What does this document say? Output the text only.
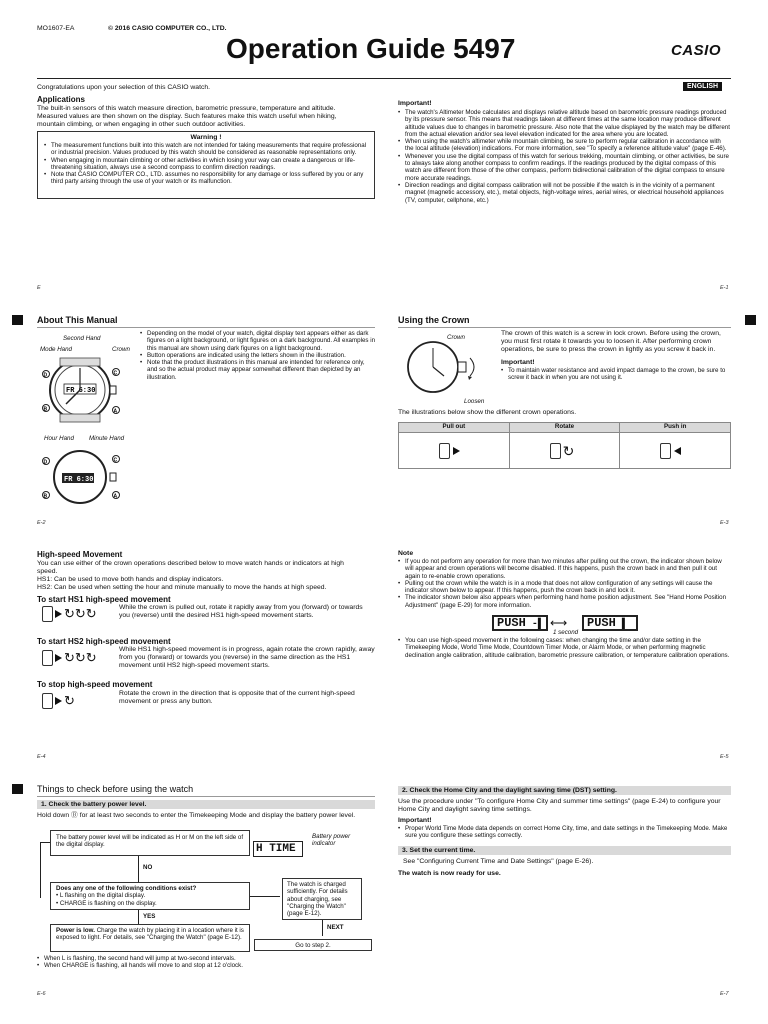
MO1607-EA	© 2016 CASIO COMPUTER CO., LTD.
Operation Guide 5497	CASIO
ENGLISH
Congratulations upon your selection of this CASIO watch.
Applications
The built-in sensors of this watch measure direction, barometric pressure, temperature and altitude. Measured values are then shown on the display. Such features make this watch useful when hiking, mountain climbing, or when engaging in other such outdoor activities.
Warning !
• The measurement functions built into this watch are not intended for taking measurements that require professional or industrial precision. Values produced by this watch should be considered as reasonable representations only.
• When engaging in mountain climbing or other activities in which losing your way can create a dangerous or life-threatening situation, always use a second compass to confirm direction readings.
• Note that CASIO COMPUTER CO., LTD. assumes no responsibility for any damage or loss suffered by you or any third party arising through the use of your watch or its malfunction.
Important!
• The watch's Altimeter Mode calculates and displays relative altitude based on barometric pressure readings produced by its pressure sensor. This means that readings taken at different times at the same location may produce different altitude values due to changes in barometric pressure. Also note that the value displayed by the watch may be different from the actual elevation and/or sea level elevation indicated for the area where you are located.
• When using the watch's altimeter while mountain climbing, be sure to perform regular calibration in accordance with the local altitude (elevation) indications. For more information, see "To specify a reference altitude value" (page E-46).
• Whenever you use the digital compass of this watch for serious trekking, mountain climbing, or other activities, be sure to always take along another compass to confirm readings. If the readings produced by the digital compass of this watch are different from those of the other compass, perform bidirectional calibration of the digital compass to ensure more accurate readings.
• Direction readings and digital compass calibration will not be possible if the watch is in the vicinity of a permanent magnet (magnetic accessory, etc.), metal objects, high-voltage wires, aerial wires, or electrical household appliances (TV, computer, cellphone, etc.)
E	E-1
About This Manual
FR 6:30
D
B
C
A
Second Hand
Mode Hand	Crown
Hour Hand Minute Hand
FR 6:30
D
B
C
A
• Depending on the model of your watch, digital display text appears either as dark figures on a light background, or light figures on a dark background. All examples in this manual are shown using dark figures on a light background.
• Button operations are indicated using the letters shown in the illustration.
• Note that the product illustrations in this manual are intended for reference only, and so the actual product may appear somewhat different than depicted by an illustration.
E-2
Using the Crown
Crown
Loosen
The crown of this watch is a screw in lock crown. Before using the crown, you must first rotate it towards you to loosen it. After performing crown operations, be sure to press the crown in lightly as you screw it back in.
Important!
• To maintain water resistance and avoid impact damage to the crown, be sure to screw it back in when you are not using it.
The illustrations below show the different crown operations.
Pull out	Rotate	Push in
↻
E-3
High-speed Movement
You can use either of the crown operations described below to move watch hands or indicators at high speed.
HS1: Can be used to move both hands and display indicators.
HS2: Can be used when setting the hour and minute manually to move the hands at high speed.
To start HS1 high-speed movement
↻↻↻	While the crown is pulled out, rotate it rapidly away from you (forward) or towards you (reverse) until the desired HS1 high-speed movement starts.
To start HS2 high-speed movement
↻↻↻
While HS1 high-speed movement is in progress, again rotate the crown rapidly, away from you (forward) or towards you (reverse) in the same direction as the HS1 movement until HS2 high-speed movement starts.
To stop high-speed movement
↻	Rotate the crown in the direction that is opposite that of the current high-speed movement or press any button.
E-4
Note
• If you do not perform any operation for more than two minutes after pulling out the crown, the indicator shown below will appear and crown operations will become disabled. If this happens, push the crown back in and then pull it out again to re-enable crown operations.
• Pulling out the crown while the watch is in a mode that does not allow configuration of any settings will cause the indicator shown below to appear. If this happens, push the crown back in and lock it.
• The indicator shown below also appears when performing hand home position adjustment. See "Hand Home Position Adjustment" (page E-29) for more information.
PUSH -▌ ⟷	PUSH ▌
1 second
• You can use high-speed movement in the following cases: when changing the time and/or date setting in the Timekeeping Mode, World Time Mode, Countdown Timer Mode, or Alarm Mode, or when performing magnetic declination angle calibration, altitude calibration, barometric pressure calibration, or temperature calibration operations.
E-5
Things to check before using the watch
1. Check the battery power level.
Hold down Ⓑ for at least two seconds to enter the Timekeeping Mode and display the battery power level.
The battery power level will be indicated as H or M on the left side of the digital display.	H TIME
Battery power indicator
NO
Does any one of the following conditions exist?
• L flashing on the digital display.
• CHARGE is flashing on the display.
YES
The watch is charged sufficiently. For details about charging, see "Charging the Watch" (page E-12).
NEXT
Power is low. Charge the watch by placing it in a location where it is exposed to light. For details, see "Charging the Watch" (page E-12).
Go to step 2.
• When L is flashing, the second hand will jump at two-second intervals.
• When CHARGE is flashing, all hands will move to and stop at 12 o'clock.
E-6
2. Check the Home City and the daylight saving time (DST) setting.
Use the procedure under "To configure Home City and summer time settings" (page E-24) to configure your Home City and daylight saving time settings.
Important!
• Proper World Time Mode data depends on correct Home City, time, and date settings in the Timekeeping Mode. Make sure you configure these settings correctly.
3. Set the current time.
See "Configuring Current Time and Date Settings" (page E-26).
The watch is now ready for use.
E-7
